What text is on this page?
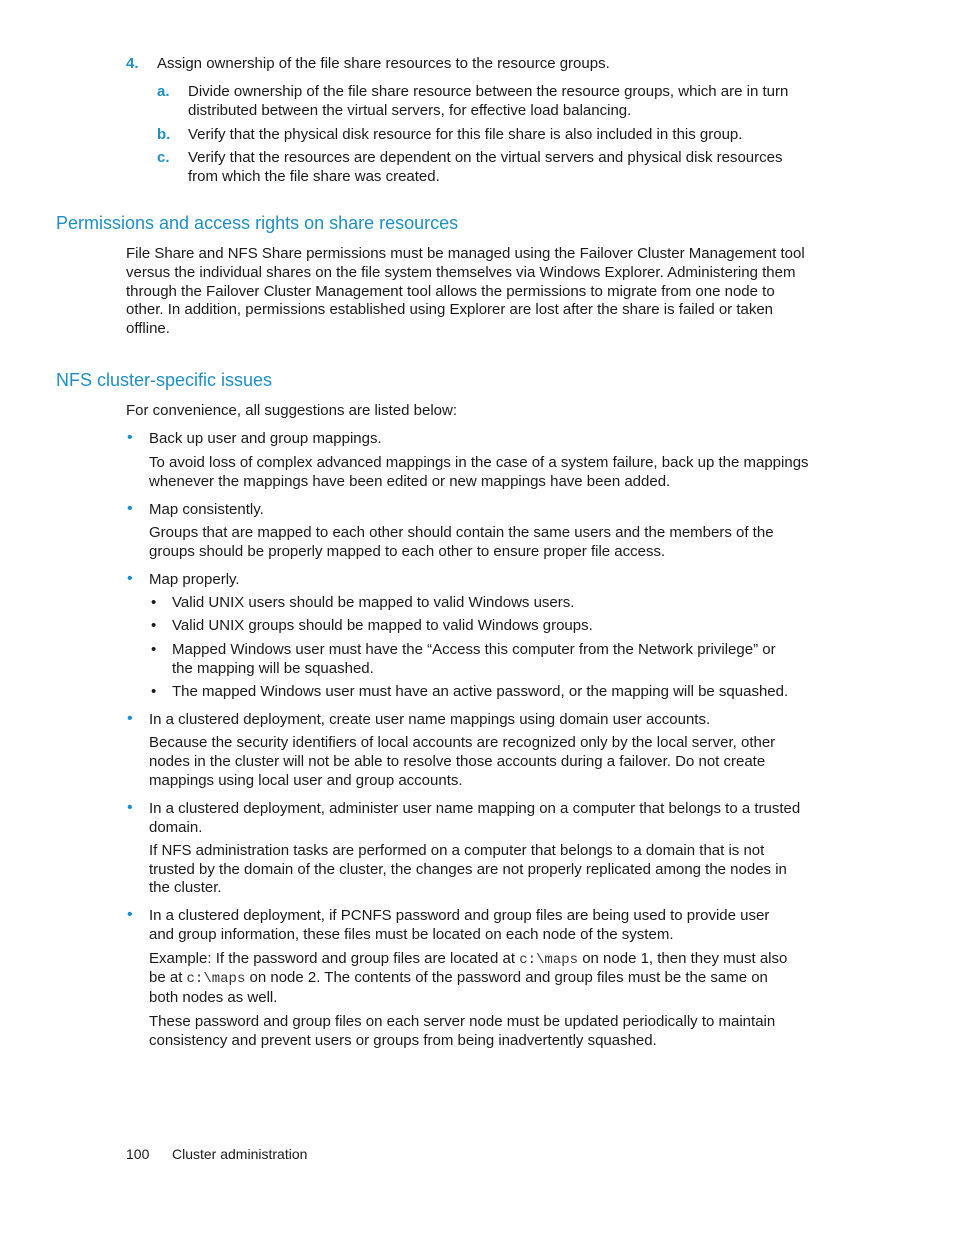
4. Assign ownership of the file share resources to the resource groups.
a. Divide ownership of the file share resource between the resource groups, which are in turn
distributed between the virtual servers, for effective load balancing.
b. Verify that the physical disk resource for this file share is also included in this group.
c. Verify that the resources are dependent on the virtual servers and physical disk resources
from which the file share was created.
Permissions and access rights on share resources
File Share and NFS Share permissions must be managed using the Failover Cluster Management tool
versus the individual shares on the file system themselves via Windows Explorer. Administering them
through the Failover Cluster Management tool allows the permissions to migrate from one node to
other. In addition, permissions established using Explorer are lost after the share is failed or taken
offline.
NFS cluster-specific issues
For convenience, all suggestions are listed below:
• Back up user and group mappings.
To avoid loss of complex advanced mappings in the case of a system failure, back up the mappings
whenever the mappings have been edited or new mappings have been added.
• Map consistently.
Groups that are mapped to each other should contain the same users and the members of the
groups should be properly mapped to each other to ensure proper file access.
• Map properly.
• Valid UNIX users should be mapped to valid Windows users.
• Valid UNIX groups should be mapped to valid Windows groups.
• Mapped Windows user must have the “Access this computer from the Network privilege” or
the mapping will be squashed.
• The mapped Windows user must have an active password, or the mapping will be squashed.
• In a clustered deployment, create user name mappings using domain user accounts.
Because the security identifiers of local accounts are recognized only by the local server, other
nodes in the cluster will not be able to resolve those accounts during a failover. Do not create
mappings using local user and group accounts.
• In a clustered deployment, administer user name mapping on a computer that belongs to a trusted
domain.
If NFS administration tasks are performed on a computer that belongs to a domain that is not
trusted by the domain of the cluster, the changes are not properly replicated among the nodes in
the cluster.
• In a clustered deployment, if PCNFS password and group files are being used to provide user
and group information, these files must be located on each node of the system.
Example: If the password and group files are located at c:\maps on node 1, then they must also
be at c:\maps on node 2. The contents of the password and group files must be the same on
both nodes as well.
These password and group files on each server node must be updated periodically to maintain
consistency and prevent users or groups from being inadvertently squashed.
100 Cluster administration
